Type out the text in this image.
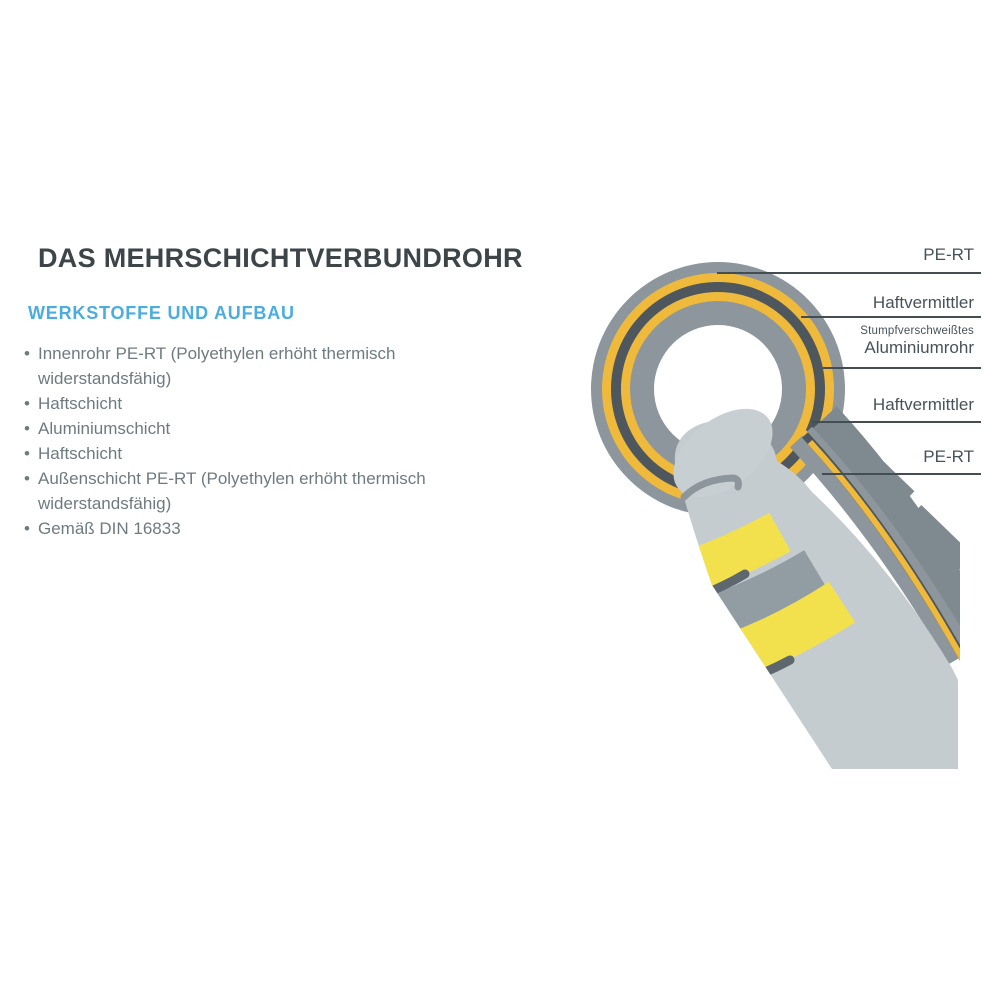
DAS MEHRSCHICHTVERBUNDROHR
WERKSTOFFE UND AUFBAU
• Innenrohr PE-RT (Polyethylen erhöht thermisch widerstandsfähig)
• Haftschicht
• Aluminiumschicht
• Haftschicht
• Außenschicht PE-RT (Polyethylen erhöht thermisch widerstandsfähig)
• Gemäß DIN 16833
PE-RT
Haftvermittler
Stumpfverschweißtes
Aluminiumrohr
Haftvermittler
PE-RT
